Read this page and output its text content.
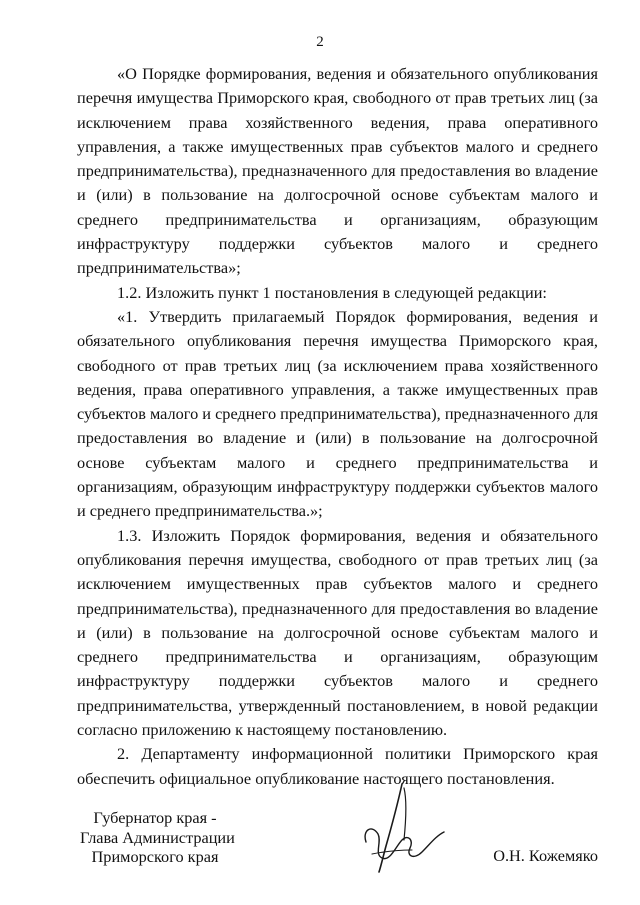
2

«О Порядке формирования, ведения и обязательного опубликования перечня имущества Приморского края, свободного от прав третьих лиц (за исключением права хозяйственного ведения, права оперативного управления, а также имущественных прав субъектов малого и среднего предпринимательства), предназначенного для предоставления во владение и (или) в пользование на долгосрочной основе субъектам малого и среднего предпринимательства и организациям, образующим инфраструктуру поддержки субъектов малого и среднего предпринимательства»;

1.2. Изложить пункт 1 постановления в следующей редакции:

«1. Утвердить прилагаемый Порядок формирования, ведения и обязательного опубликования перечня имущества Приморского края, свободного от прав третьих лиц (за исключением права хозяйственного ведения, права оперативного управления, а также имущественных прав субъектов малого и среднего предпринимательства), предназначенного для предоставления во владение и (или) в пользование на долгосрочной основе субъектам малого и среднего предпринимательства и организациям, образующим инфраструктуру поддержки субъектов малого и среднего предпринимательства.»;

1.3. Изложить Порядок формирования, ведения и обязательного опубликования перечня имущества, свободного от прав третьих лиц (за исключением имущественных прав субъектов малого и среднего предпринимательства), предназначенного для предоставления во владение и (или) в пользование на долгосрочной основе субъектам малого и среднего предпринимательства и организациям, образующим инфраструктуру поддержки субъектов малого и среднего предпринимательства, утвержденный постановлением, в новой редакции согласно приложению к настоящему постановлению.

2. Департаменту информационной политики Приморского края обеспечить официальное опубликование настоящего постановления.

Губернатор края -
Глава Администрации
Приморского края	О.Н. Кожемяко
